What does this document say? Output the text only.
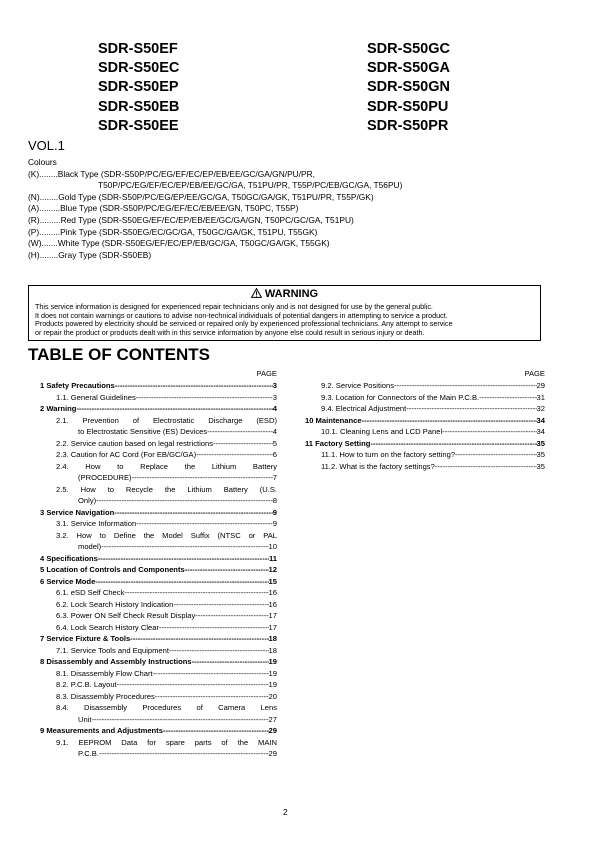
SDR-S50EF
SDR-S50EC
SDR-S50EP
SDR-S50EB
SDR-S50EE
SDR-S50GC
SDR-S50GA
SDR-S50GN
SDR-S50PU
SDR-S50PR
VOL.1
Colours
(K)........Black Type (SDR-S50P/PC/EG/EF/EC/EP/EB/EE/GC/GA/GN/PU/PR,
T50P/PC/EG/EF/EC/EP/EB/EE/GC/GA, T51PU/PR, T55P/PC/EB/GC/GA, T56PU)
(N)........Gold Type (SDR-S50P/PC/EG/EP/EE/GC/GA, T50GC/GA/GK, T51PU/PR, T55P/GK)
(A).........Blue Type (SDR-S50P/PC/EG/EF/EC/EB/EE/GN, T50PC, T55P)
(R).........Red Type (SDR-S50EG/EF/EC/EP/EB/EE/GC/GA/GN, T50PC/GC/GA, T51PU)
(P).........Pink Type (SDR-S50EG/EC/GC/GA, T50GC/GA/GK, T51PU, T55GK)
(W).......White Type (SDR-S50EG/EF/EC/EP/EB/GC/GA, T50GC/GA/GK, T55GK)
(H)........Gray Type (SDR-S50EB)
WARNING

This service information is designed for experienced repair technicians only and is not designed for use by the general public.

It does not contain warnings or cautions to advise non-technical individuals of potential dangers in attempting to service a product.

Products powered by electricity should be serviced or repaired only by experienced professional technicians. Any attempt to service

or repair the product or products dealt with in this service information by anyone else could result in serious injury or death.

TABLE OF CONTENTS
PAGE
1 Safety Precautions -----	3
1.1. General Guidelines -----	3
2 Warning -----	4
2.1. Prevention of Electrostatic Discharge (ESD)
to Electrostatic Sensitive (ES) Devices -----	4
2.2. Service caution based on legal restrictions -----	5
2.3. Caution for AC Cord (For EB/GC/GA) -----	6
2.4. How to Replace the Lithium Battery
(PROCEDURE) -----	7
2.5. How to Recycle the Lithium Battery (U.S.
Only) -----	8
3 Service Navigation -----	9
3.1. Service Information -----	9
3.2. How to Define the Model Suffix (NTSC or PAL
model) -----	10
4 Specifications -----	11
5 Location of Controls and Components -----	12
6 Service Mode -----	15
6.1. eSD Self Check -----	16
6.2. Lock Search History Indication -----	16
6.3. Power ON Self Check Result Display -----	17
6.4. Lock Search History Clear -----	17
7 Service Fixture & Tools -----	18
7.1. Service Tools and Equipment -----	18
8 Disassembly and Assembly Instructions -----	19
8.1. Disassembly Flow Chart -----	19
8.2. P.C.B. Layout -----	19
8.3. Disassembly Procedures -----	20
8.4. Disassembly Procedures of Camera Lens
Unit -----	27
9 Measurements and Adjustments -----	29
9.1. EEPROM Data for spare parts of the MAIN
P.C.B. -----	29
PAGE
9.2. Service Positions -----	29
9.3. Location for Connectors of the Main P.C.B. -----	31
9.4. Electrical Adjustment -----	32
10 Maintenance -----	34
10.1. Cleaning Lens and LCD Panel -----	34
11 Factory Setting -----	35
11.1. How to turn on the factory setting? -----	35
11.2. What is the factory settings? -----	35
2
